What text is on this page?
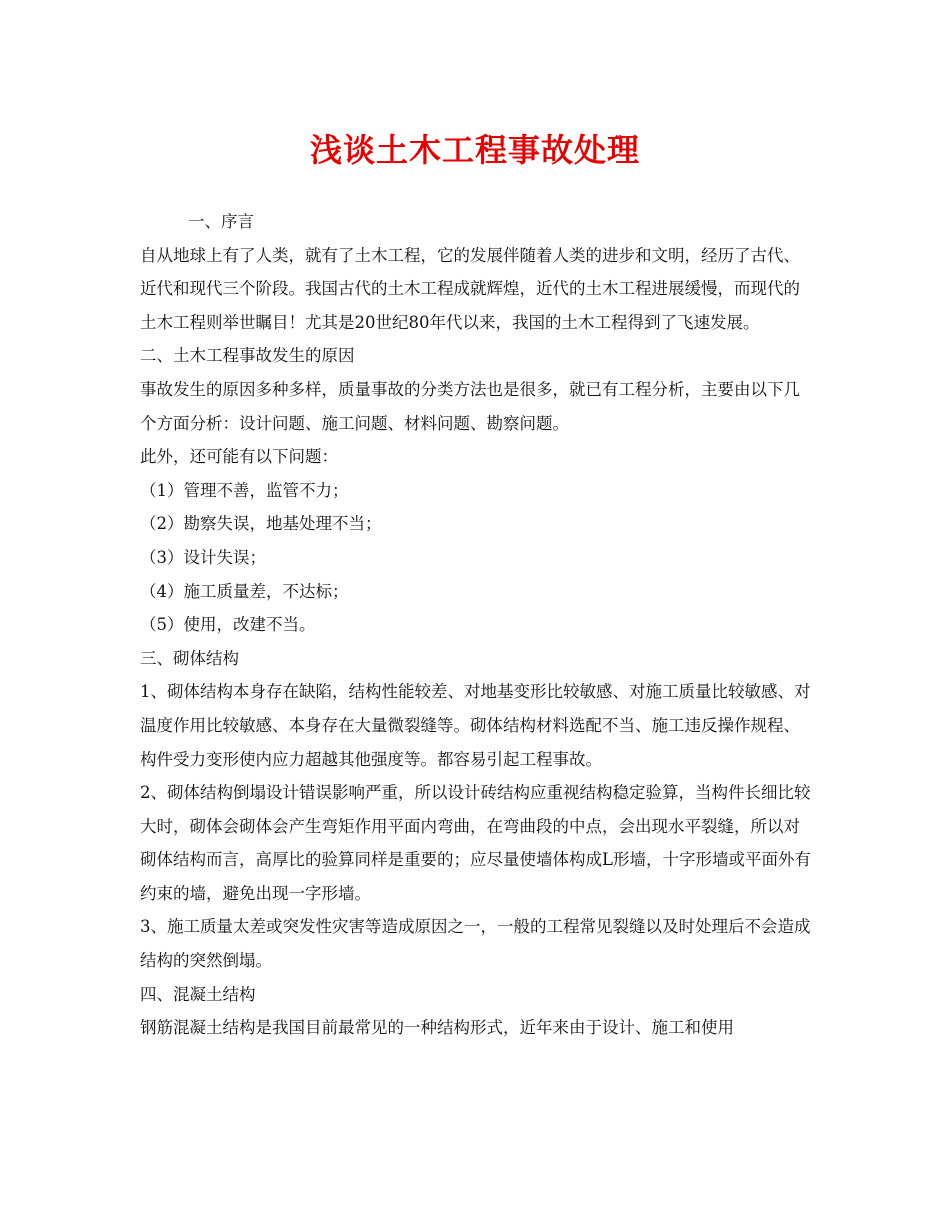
浅谈土木工程事故处理

一、序言

自从地球上有了人类，就有了土木工程，它的发展伴随着人类的进步和文明，经历了古代、近代和现代三个阶段。我国古代的土木工程成就辉煌，近代的土木工程进展缓慢，而现代的土木工程则举世瞩目！尤其是20世纪80年代以来，我国的土木工程得到了飞速发展。

二、土木工程事故发生的原因

事故发生的原因多种多样，质量事故的分类方法也是很多，就已有工程分析，主要由以下几个方面分析：设计问题、施工问题、材料问题、勘察问题。

此外，还可能有以下问题：

（1）管理不善，监管不力；

（2）勘察失误，地基处理不当；

（3）设计失误；

（4）施工质量差，不达标；

（5）使用，改建不当。

三、砌体结构

1、砌体结构本身存在缺陷，结构性能较差、对地基变形比较敏感、对施工质量比较敏感、对温度作用比较敏感、本身存在大量微裂缝等。砌体结构材料选配不当、施工违反操作规程、构件受力变形使内应力超越其他强度等。都容易引起工程事故。

2、砌体结构倒塌设计错误影响严重，所以设计砖结构应重视结构稳定验算，当构件长细比较大时，砌体会砌体会产生弯矩作用平面内弯曲，在弯曲段的中点，会出现水平裂缝，所以对砌体结构而言，高厚比的验算同样是重要的；应尽量使墙体构成L形墙，十字形墙或平面外有约束的墙，避免出现一字形墙。

3、施工质量太差或突发性灾害等造成原因之一，一般的工程常见裂缝以及时处理后不会造成结构的突然倒塌。

四、混凝土结构

钢筋混凝土结构是我国目前最常见的一种结构形式，近年来由于设计、施工和使用
